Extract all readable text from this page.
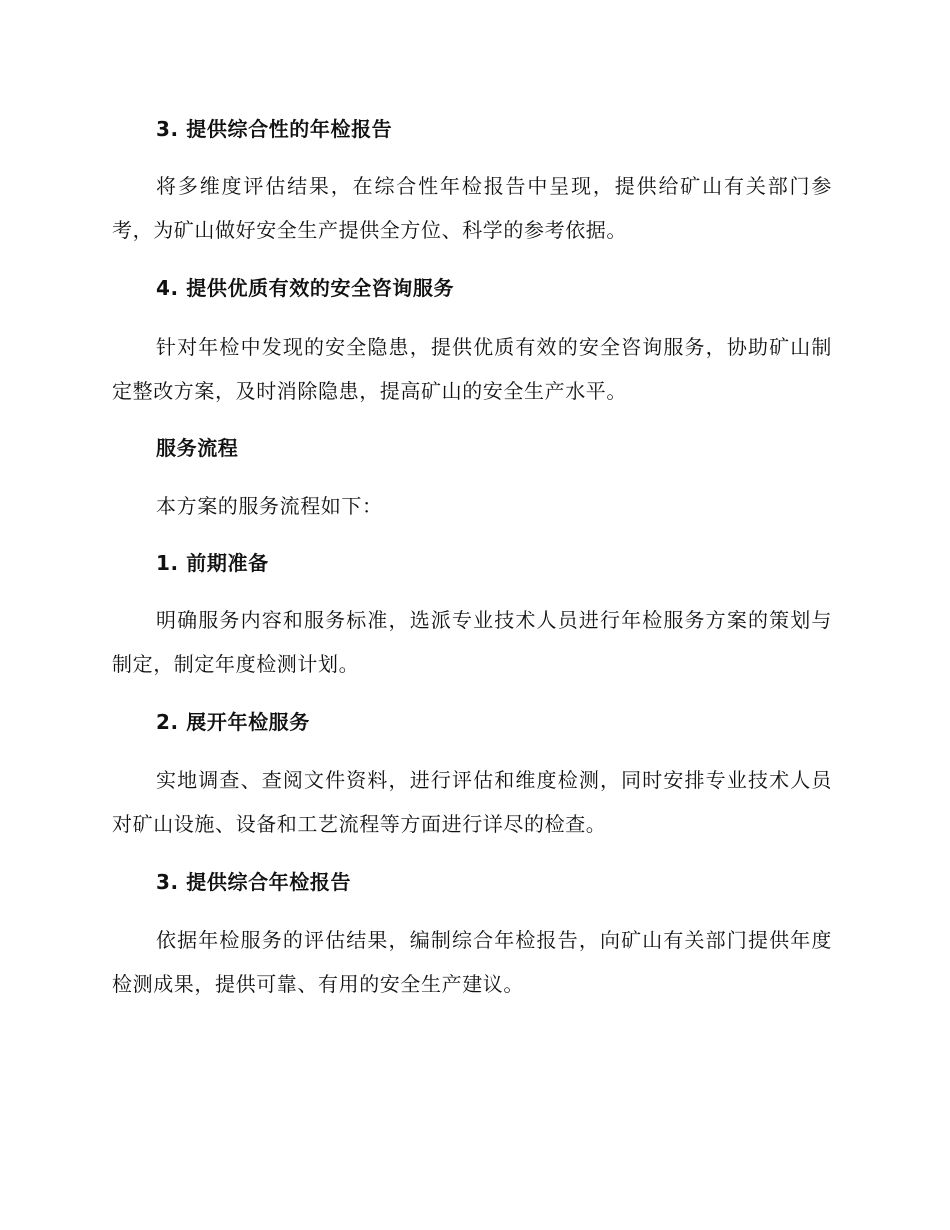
3. 提供综合性的年检报告

将多维度评估结果，在综合性年检报告中呈现，提供给矿山有关部门参考，为矿山做好安全生产提供全方位、科学的参考依据。

4. 提供优质有效的安全咨询服务

针对年检中发现的安全隐患，提供优质有效的安全咨询服务，协助矿山制定整改方案，及时消除隐患，提高矿山的安全生产水平。

服务流程

本方案的服务流程如下：

1. 前期准备

明确服务内容和服务标准，选派专业技术人员进行年检服务方案的策划与制定，制定年度检测计划。

2. 展开年检服务

实地调查、查阅文件资料，进行评估和维度检测，同时安排专业技术人员对矿山设施、设备和工艺流程等方面进行详尽的检查。

3. 提供综合年检报告

依据年检服务的评估结果，编制综合年检报告，向矿山有关部门提供年度检测成果，提供可靠、有用的安全生产建议。
